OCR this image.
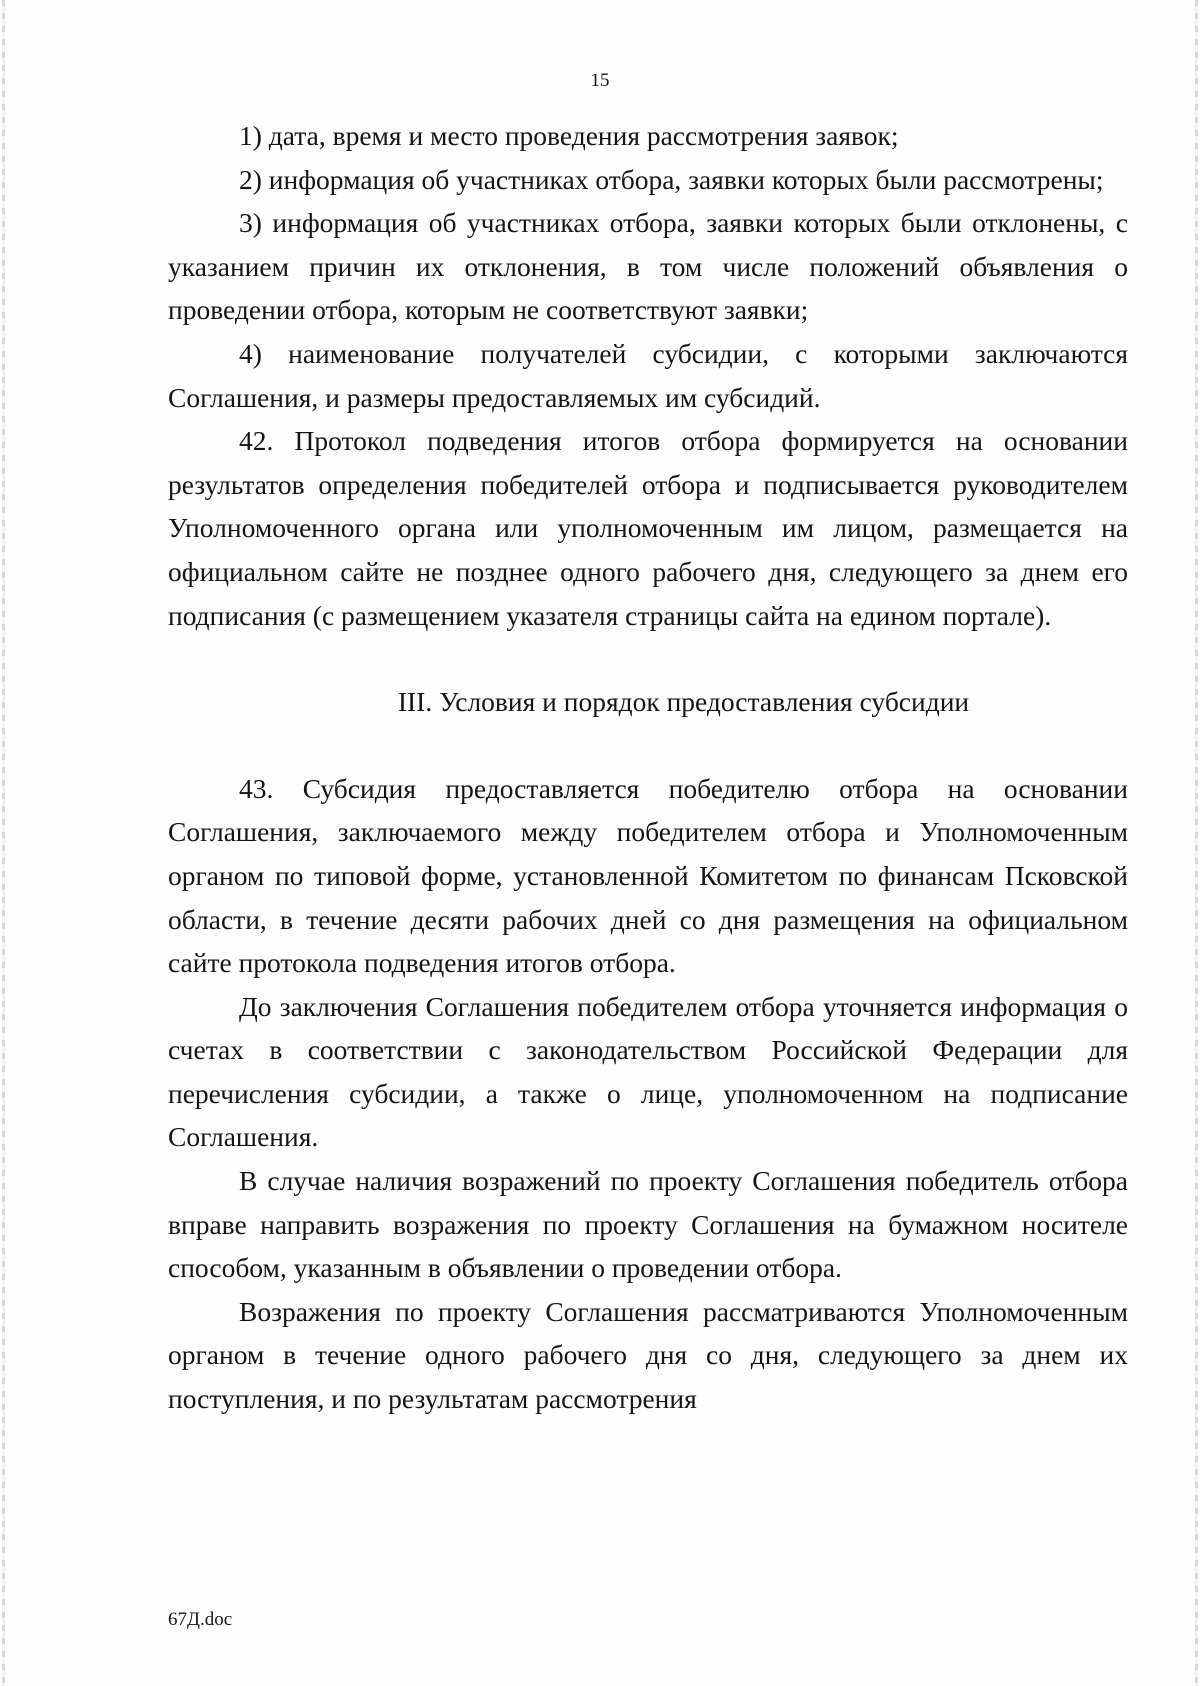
15

1) дата, время и место проведения рассмотрения заявок;

2) информация об участниках отбора, заявки которых были рассмотрены;

3) информация об участниках отбора, заявки которых были отклонены, с указанием причин их отклонения, в том числе положений объявления о проведении отбора, которым не соответствуют заявки;

4) наименование получателей субсидии, с которыми заключаются Соглашения, и размеры предоставляемых им субсидий.

42. Протокол подведения итогов отбора формируется на основании результатов определения победителей отбора и подписывается руководителем Уполномоченного органа или уполномоченным им лицом, размещается на официальном сайте не позднее одного рабочего дня, следующего за днем его подписания (с размещением указателя страницы сайта на едином портале).

III. Условия и порядок предоставления субсидии

43. Субсидия предоставляется победителю отбора на основании Соглашения, заключаемого между победителем отбора и Уполномоченным органом по типовой форме, установленной Комитетом по финансам Псковской области, в течение десяти рабочих дней со дня размещения на официальном сайте протокола подведения итогов отбора.

До заключения Соглашения победителем отбора уточняется информация о счетах в соответствии с законодательством Российской Федерации для перечисления субсидии, а также о лице, уполномоченном на подписание Соглашения.

В случае наличия возражений по проекту Соглашения победитель отбора вправе направить возражения по проекту Соглашения на бумажном носителе способом, указанным в объявлении о проведении отбора.

Возражения по проекту Соглашения рассматриваются Уполномоченным органом в течение одного рабочего дня со дня, следующего за днем их поступления, и по результатам рассмотрения

67Д.doc
